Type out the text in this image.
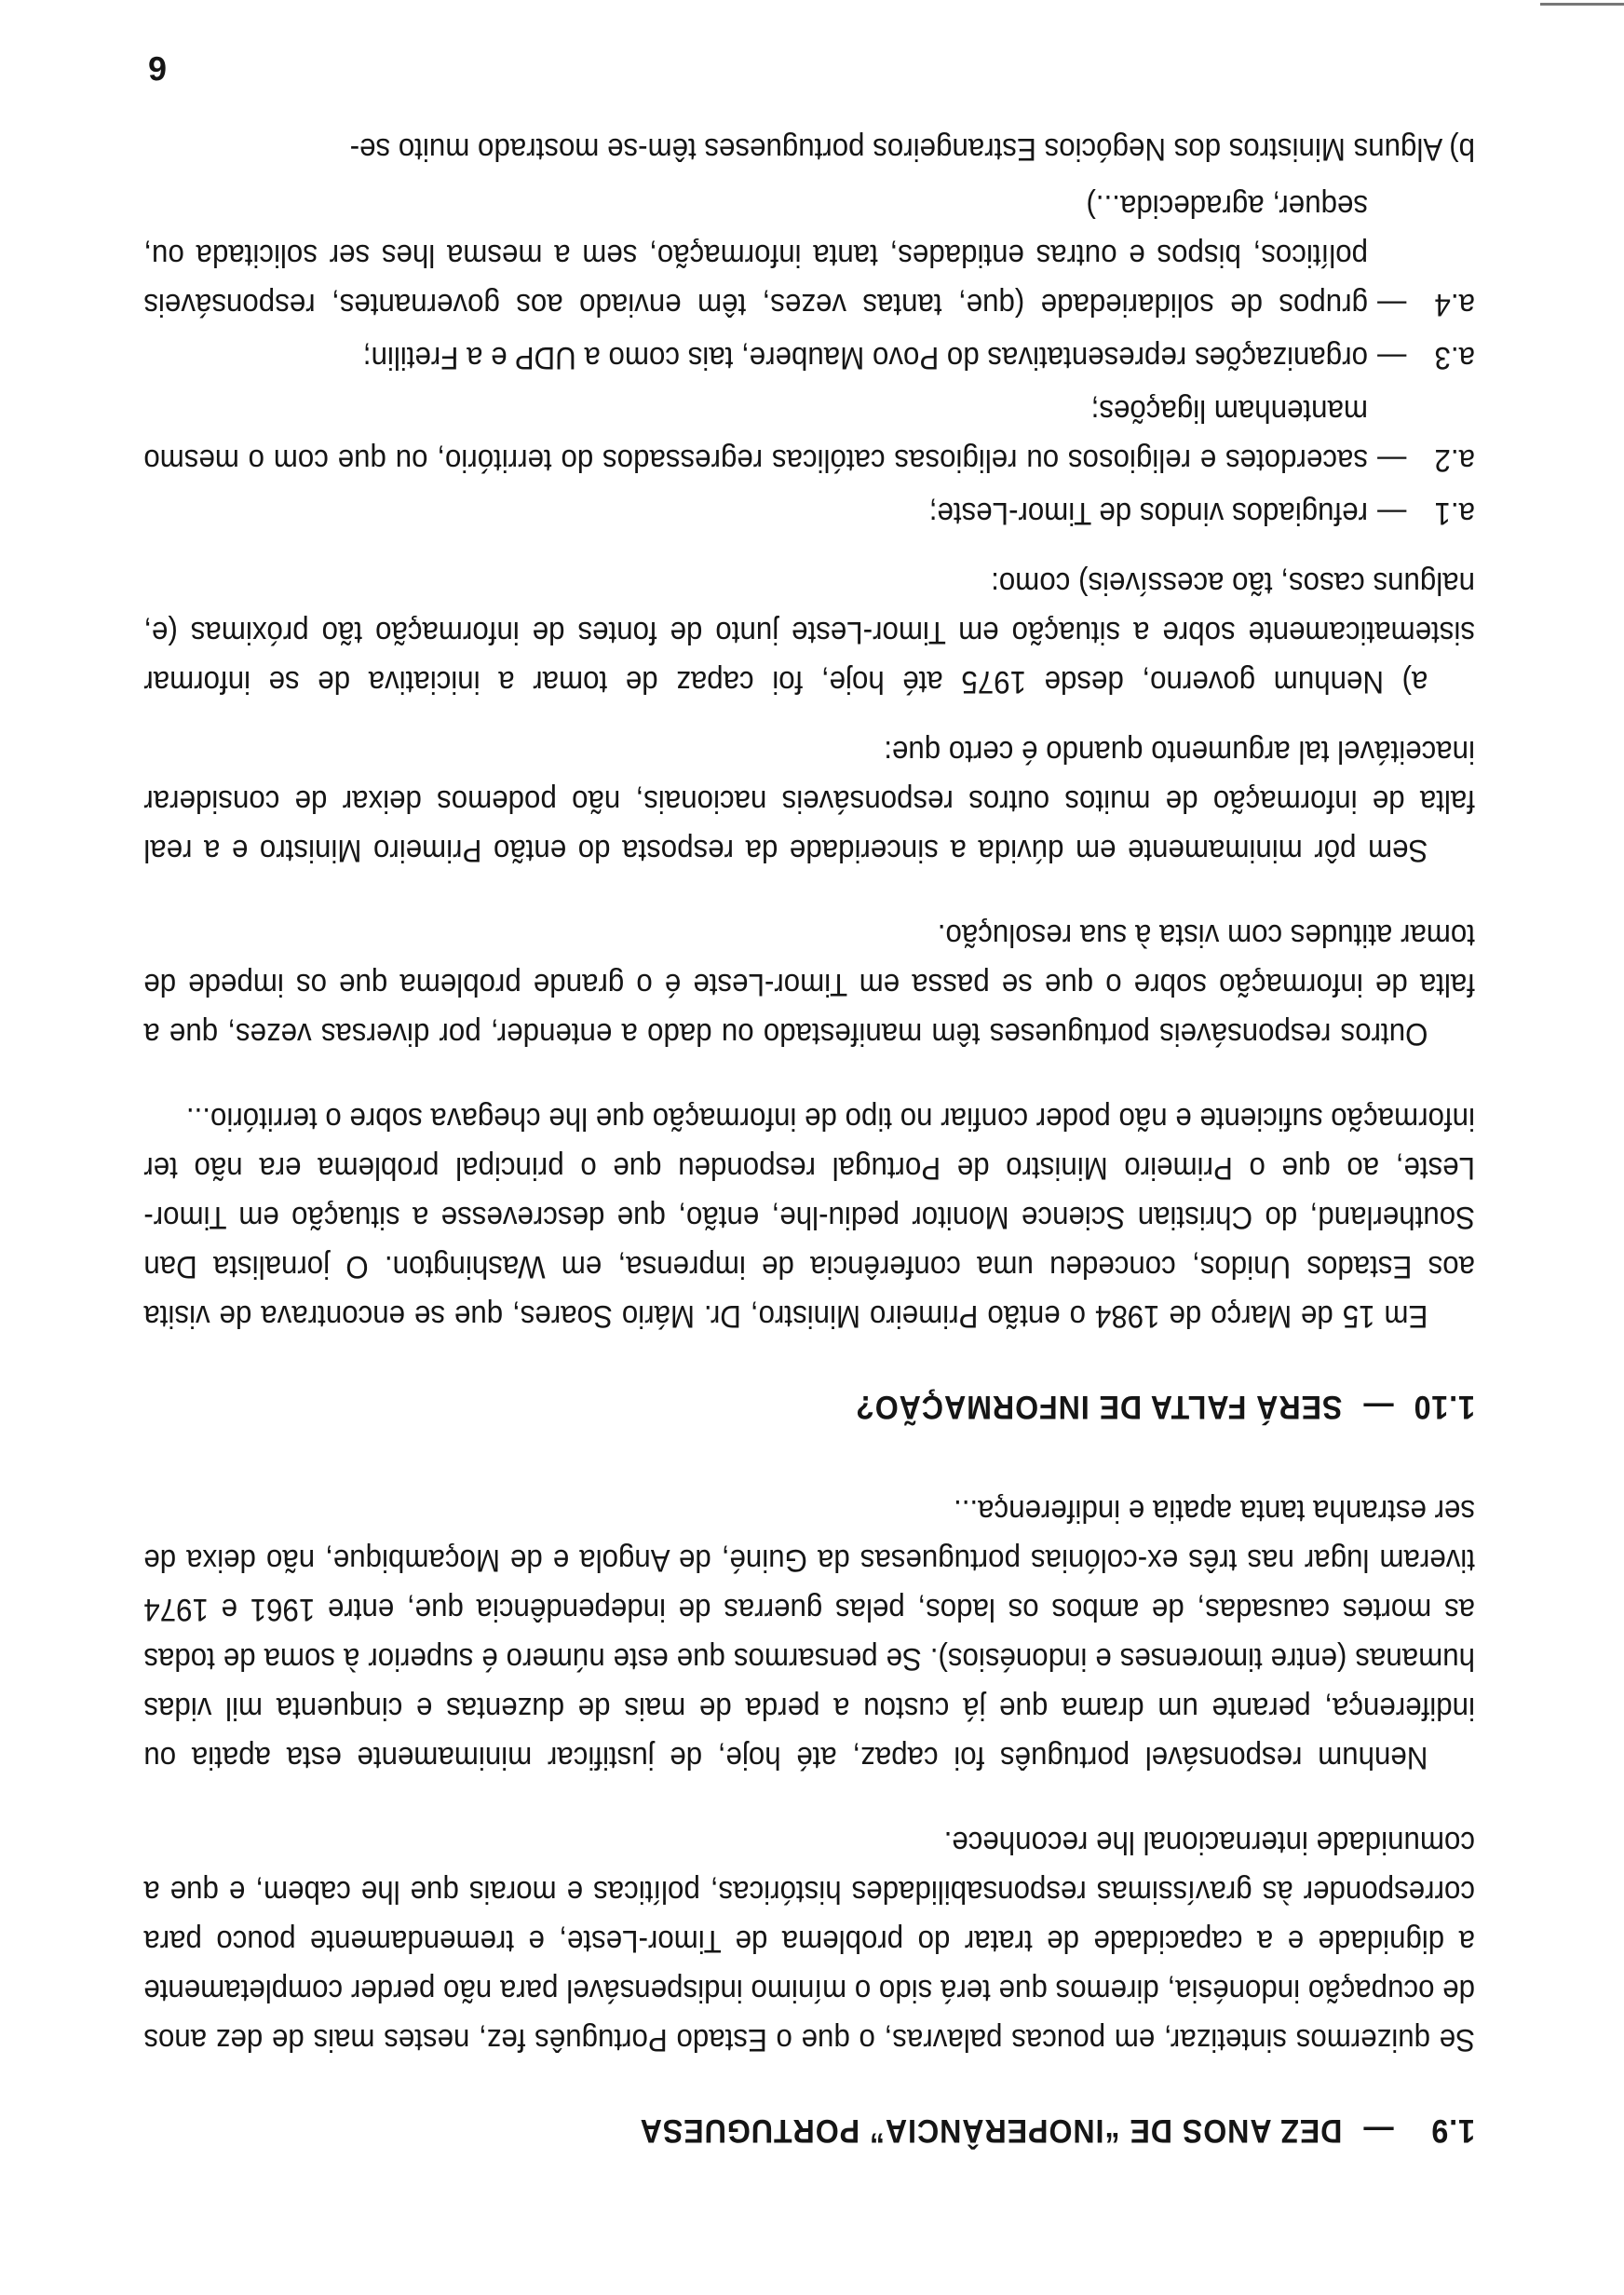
1.9—DEZ ANOS DE “INOPERÂNCIA” PORTUGUESA

Se quizermos sintetizar, em poucas palavras, o que o Estado Português fez, nestes mais de dez anos de ocupação indonésia, diremos que terá sido o mínimo indispensável para não perder completamente a dignidade e a capacidade de tratar do problema de Timor-Leste, e tremendamente pouco para corresponder às gravíssimas responsabilidades históricas, políticas e morais que lhe cabem, e que a comunidade internacional lhe reconhece.

Nenhum responsável português foi capaz, até hoje, de justificar minimamente esta apatia ou indiferença, perante um drama que já custou a perda de mais de duzentas e cinquenta mil vidas humanas (entre timorenses e indonésios). Se pensarmos que este número é superior à soma de todas as mortes causadas, de ambos os lados, pelas guerras de independência que, entre 1961 e 1974 tiveram lugar nas três ex-colónias portuguesas da Guiné, de Angola e de Moçambique, não deixa de ser estranha tanta apatia e indiferença...

1.10—SERÁ FALTA DE INFORMAÇÃO?

Em 15 de Março de 1984 o então Primeiro Ministro, Dr. Mário Soares, que se encontrava de visita aos Estados Unidos, concedeu uma conferência de imprensa, em Washington. O jornalista Dan Southerland, do Christian Science Monitor pediu-lhe, então, que descrevesse a situação em Timor-Leste, ao que o Primeiro Ministro de Portugal respondeu que o principal problema era não ter informação suficiente e não poder confiar no tipo de informação que lhe chegava sobre o território...

Outros responsáveis portugueses têm manifestado ou dado a entender, por diversas vezes, que a falta de informação sobre o que se passa em Timor-Leste é o grande problema que os impede de tomar atitudes com vista à sua resolução.

Sem pôr minimamente em dúvida a sinceridade da resposta do então Primeiro Ministro e a real falta de informação de muitos outros responsáveis nacionais, não podemos deixar de considerar inaceitável tal argumento quando é certo que:

a) Nenhum governo, desde 1975 até hoje, foi capaz de tomar a iniciativa de se informar sistematicamente sobre a situação em Timor-Leste junto de fontes de informação tão próximas (e, nalguns casos, tão acessíveis) como:

a.1
—
refugiados vindos de Timor-Leste;
a.2
—
sacerdotes e religiosos ou religiosas católicas regressados do território, ou que com o mesmo mantenham ligações;
a.3
—
organizações representativas do Povo Maubere, tais como a UDP e a Fretilin;
a.4
—
grupos de solidariedade (que, tantas vezes, têm enviado aos governantes, responsáveis políticos, bispos e outras entidades, tanta informação, sem a mesma lhes ser solicitada ou, sequer, agradecida...)

b) Alguns Ministros dos Negócios Estrangeiros portugueses têm-se mostrado muito se-

6
